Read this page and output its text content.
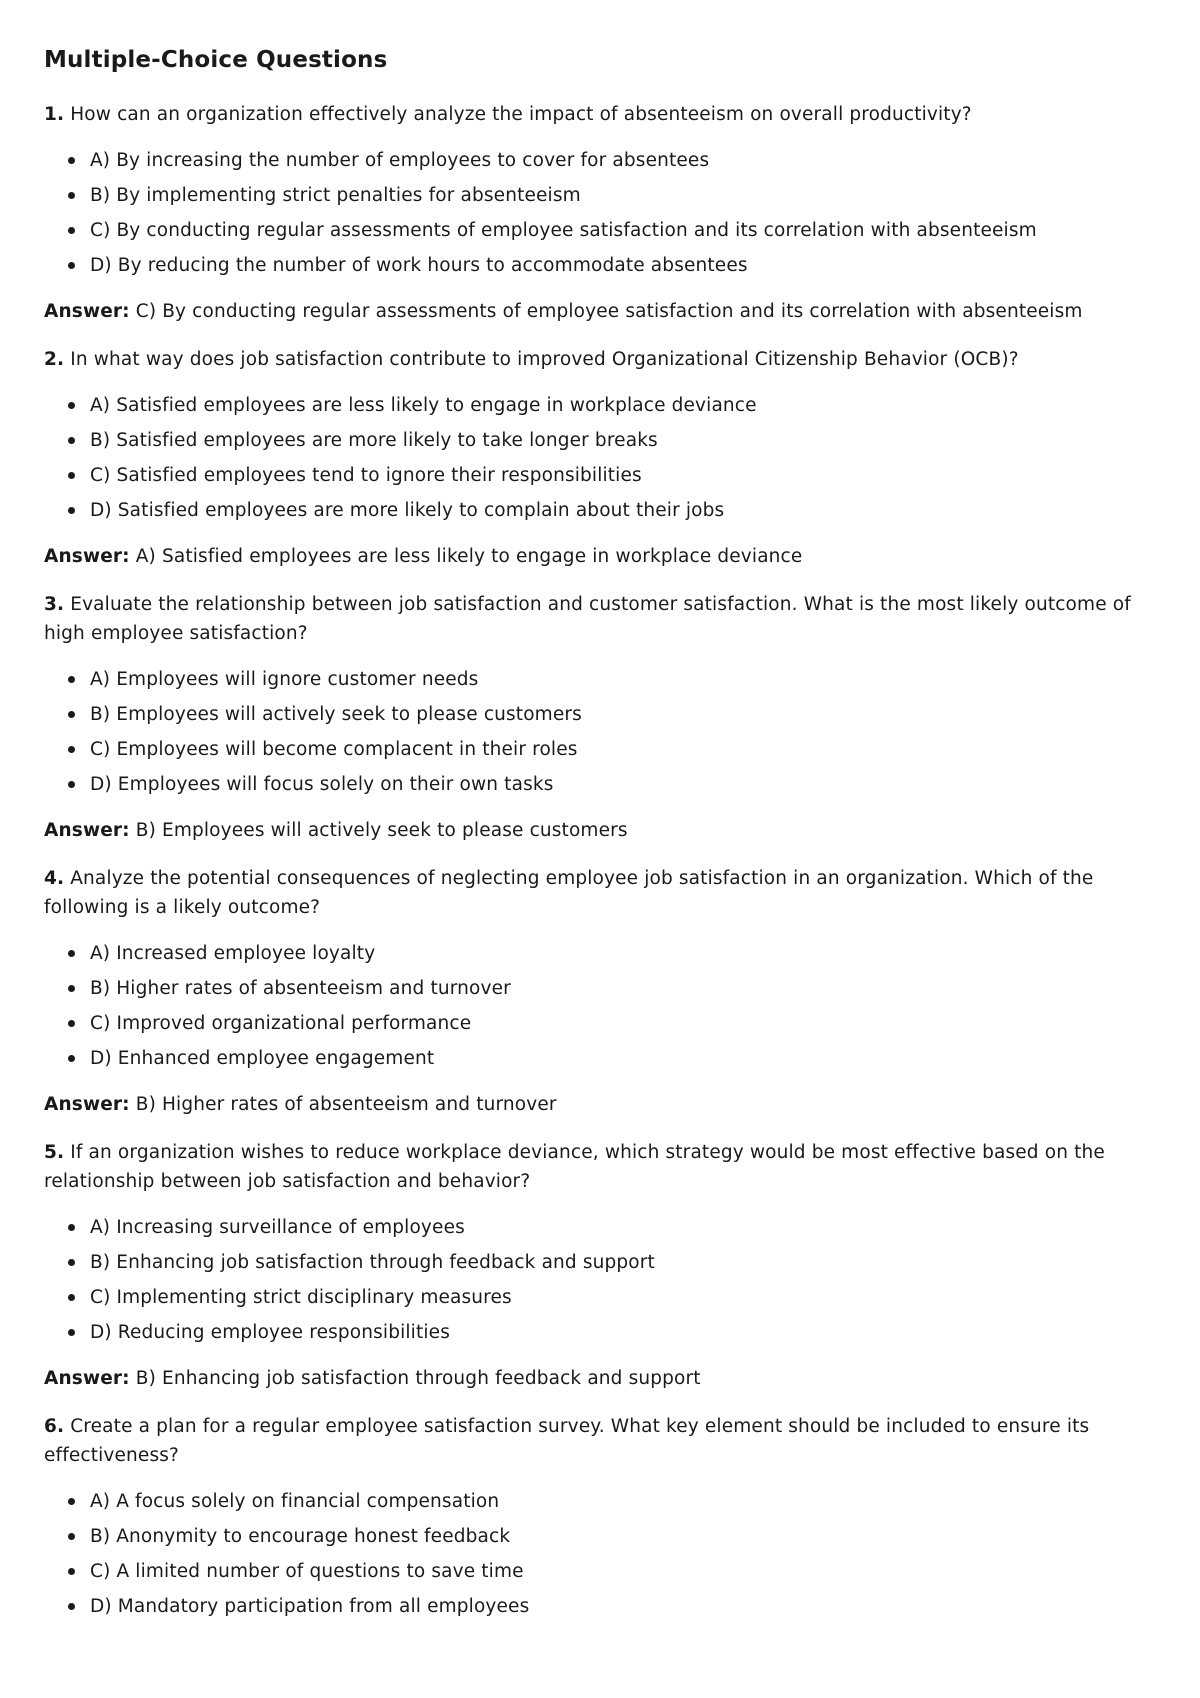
Multiple-Choice Questions

1. How can an organization effectively analyze the impact of absenteeism on overall productivity?

A) By increasing the number of employees to cover for absentees
B) By implementing strict penalties for absenteeism
C) By conducting regular assessments of employee satisfaction and its correlation with absenteeism
D) By reducing the number of work hours to accommodate absentees

Answer: C) By conducting regular assessments of employee satisfaction and its correlation with absenteeism

2. In what way does job satisfaction contribute to improved Organizational Citizenship Behavior (OCB)?

A) Satisfied employees are less likely to engage in workplace deviance
B) Satisfied employees are more likely to take longer breaks
C) Satisfied employees tend to ignore their responsibilities
D) Satisfied employees are more likely to complain about their jobs

Answer: A) Satisfied employees are less likely to engage in workplace deviance

3. Evaluate the relationship between job satisfaction and customer satisfaction. What is the most likely outcome of high employee satisfaction?

A) Employees will ignore customer needs
B) Employees will actively seek to please customers
C) Employees will become complacent in their roles
D) Employees will focus solely on their own tasks

Answer: B) Employees will actively seek to please customers

4. Analyze the potential consequences of neglecting employee job satisfaction in an organization. Which of the following is a likely outcome?

A) Increased employee loyalty
B) Higher rates of absenteeism and turnover
C) Improved organizational performance
D) Enhanced employee engagement

Answer: B) Higher rates of absenteeism and turnover

5. If an organization wishes to reduce workplace deviance, which strategy would be most effective based on the relationship between job satisfaction and behavior?

A) Increasing surveillance of employees
B) Enhancing job satisfaction through feedback and support
C) Implementing strict disciplinary measures
D) Reducing employee responsibilities

Answer: B) Enhancing job satisfaction through feedback and support

6. Create a plan for a regular employee satisfaction survey. What key element should be included to ensure its effectiveness?

A) A focus solely on financial compensation
B) Anonymity to encourage honest feedback
C) A limited number of questions to save time
D) Mandatory participation from all employees
